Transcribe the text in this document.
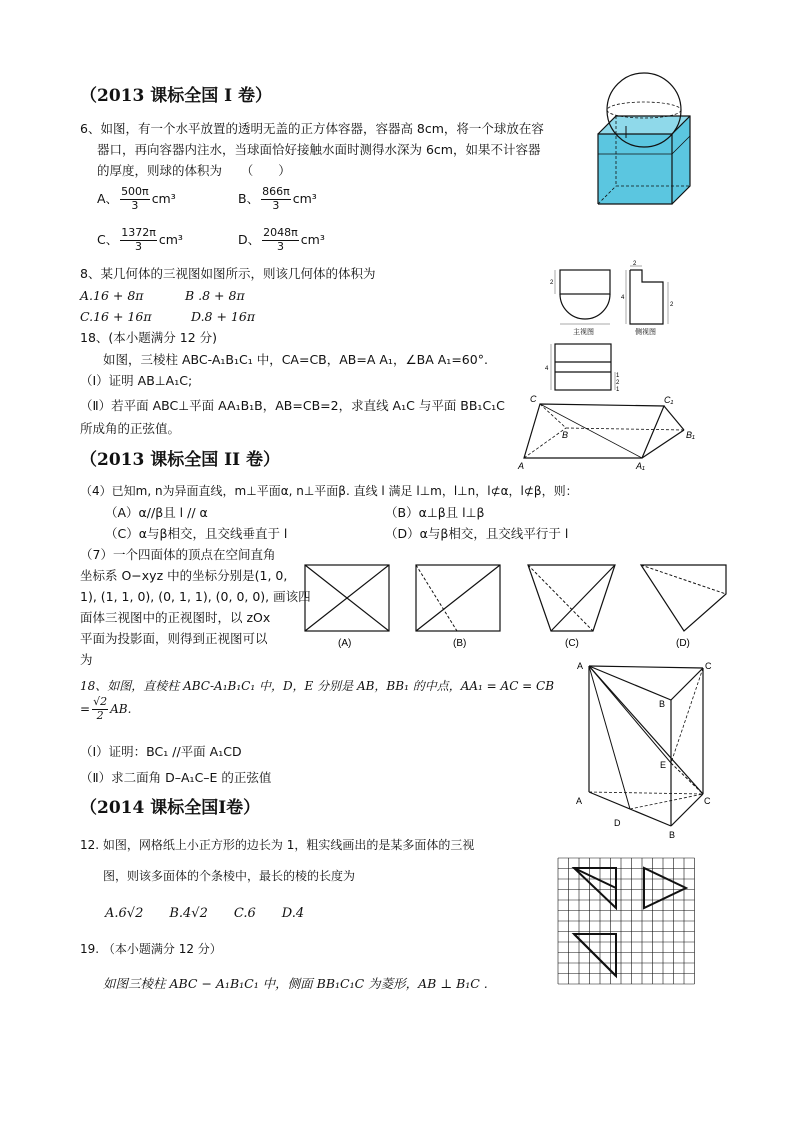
（2013 课标全国 I 卷）
6、如图，有一个水平放置的透明无盖的正方体容器，容器高 8cm，将一个球放在容
器口，再向容器内注水，当球面恰好接触水面时测得水深为 6cm，如果不计容器
的厚度，则球的体积为　　（　　）
A、 $\frac{500\pi}{3} cm^3$	B、 $\frac{866\pi}{3} cm^3$
C、 $\frac{1372\pi}{3} cm^3$	D、 $\frac{2048\pi}{3} cm^3$
8、某几何体的三视图如图所示，则该几何体的体积为
A.16 + 8π	B .8 + 8π
C.16 + 16π	D.8 + 16π
主视图	侧视图
2
4
2
2
1
4
2
1
18、(本小题满分 12 分)
如图，三棱柱 ABC-A₁B₁C₁ 中，CA=CB，AB=A A₁，∠BA A₁=60°.
（Ⅰ）证明 AB⊥A₁C;
（Ⅱ）若平面 ABC⊥平面 AA₁B₁B，AB=CB=2，求直线 A₁C 与平面 BB₁C₁C
所成角的正弦值。
C	C₁
B	B₁
A	A₁
（2013 课标全国 II 卷）
（4）已知m, n为异面直线，m⊥平面α, n⊥平面β. 直线 l 满足 l⊥m，l⊥n，l⊄α，l⊄β，则：
（A）α//β且 l // α	（B）α⊥β且 l⊥β
（C）α与β相交，且交线垂直于 l	（D）α与β相交，且交线平行于 l
（7）一个四面体的顶点在空间直角
坐标系 O−xyz 中的坐标分别是(1, 0,
1), (1, 1, 0), (0, 1, 1), (0, 0, 0), 画该四
面体三视图中的正视图时，以 zOx
平面为投影面，则得到正视图可以
为
(A)	(B)	(C)	(D)
18、如图，直棱柱 ABC-A₁B₁C₁ 中，D，E 分别是 AB，BB₁ 的中点，AA₁ = AC = CB
= $\frac{√2}{2}$ AB.
（Ⅰ）证明：BC₁ //平面 A₁CD
（Ⅱ）求二面角 D–A₁C–E 的正弦值
A	C
B
E
A	C
D
B
（2014 课标全国Ⅰ卷）
12. 如图，网格纸上小正方形的边长为 1，粗实线画出的是某多面体的三视
图，则该多面体的个条棱中，最长的棱的长度为
A.6√2　　B.4√2　　C.6　　D.4
19. （本小题满分 12 分）
如图三棱柱 ABC − A₁B₁C₁ 中，侧面 BB₁C₁C 为菱形，AB ⊥ B₁C .
